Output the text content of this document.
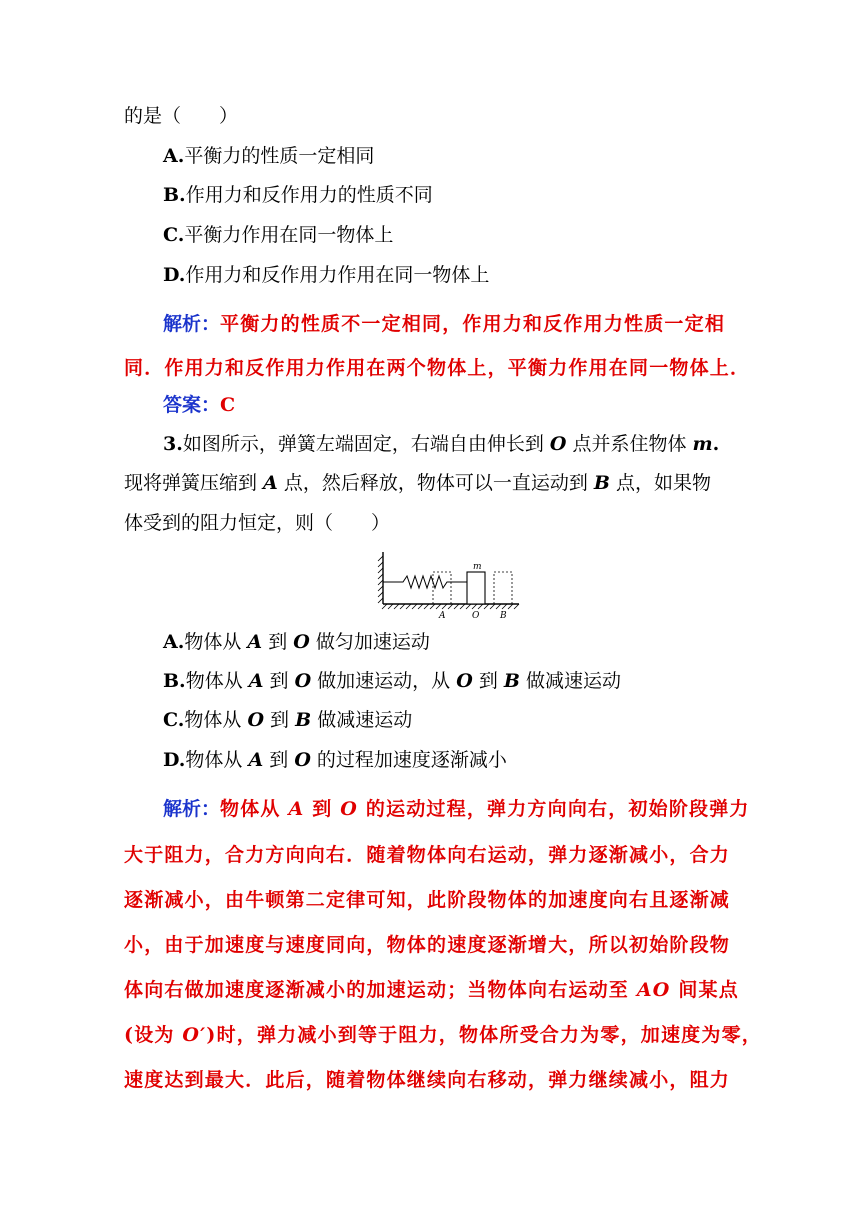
的是（　　）
A.平衡力的性质一定相同
B.作用力和反作用力的性质不同
C.平衡力作用在同一物体上
D.作用力和反作用力作用在同一物体上
解析：平衡力的性质不一定相同，作用力和反作用力性质一定相
同．作用力和反作用力作用在两个物体上，平衡力作用在同一物体上．
答案：C
3.如图所示，弹簧左端固定，右端自由伸长到 O 点并系住物体 m.
现将弹簧压缩到 A 点，然后释放，物体可以一直运动到 B 点，如果物
体受到的阻力恒定，则（　　）
m
A	O B
A.物体从 A 到 O 做匀加速运动
B.物体从 A 到 O 做加速运动，从 O 到 B 做减速运动
C.物体从 O 到 B 做减速运动
D.物体从 A 到 O 的过程加速度逐渐减小
解析：物体从 A 到 O 的运动过程，弹力方向向右，初始阶段弹力
大于阻力，合力方向向右．随着物体向右运动，弹力逐渐减小，合力
逐渐减小，由牛顿第二定律可知，此阶段物体的加速度向右且逐渐减
小，由于加速度与速度同向，物体的速度逐渐增大，所以初始阶段物
体向右做加速度逐渐减小的加速运动；当物体向右运动至 AO 间某点
(设为 O′)时，弹力减小到等于阻力，物体所受合力为零，加速度为零，
速度达到最大．此后，随着物体继续向右移动，弹力继续减小，阻力
